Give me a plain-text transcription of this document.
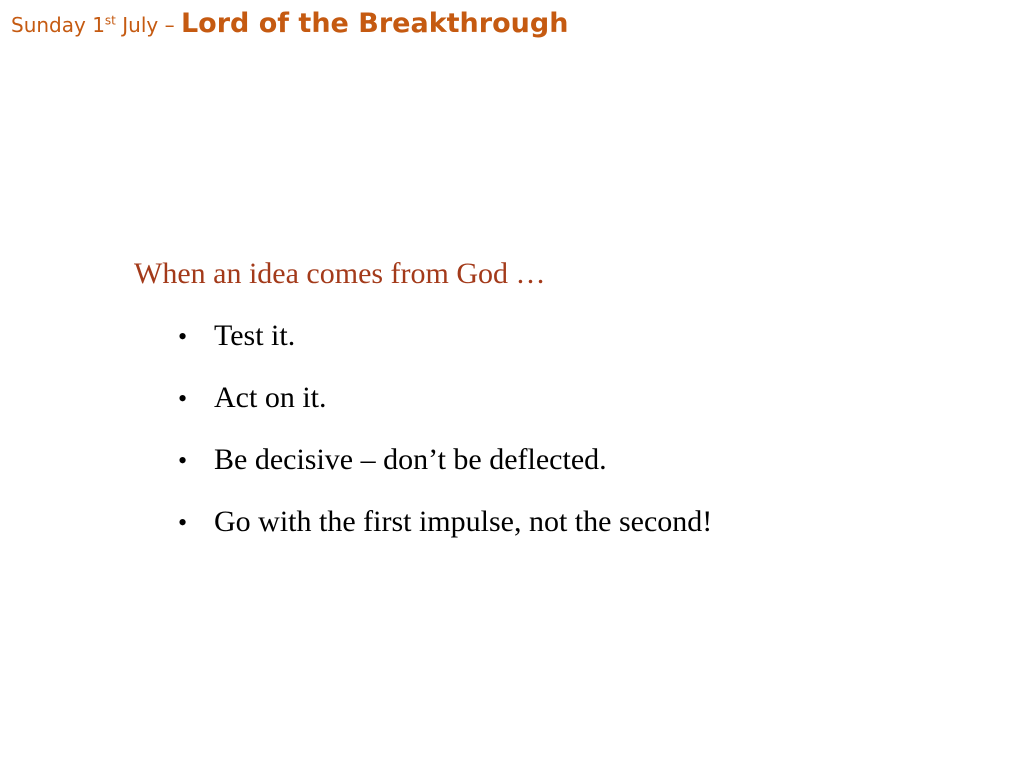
Sunday 1st July – Lord of the Breakthrough

When an idea comes from God …

• Test it.
• Act on it.
• Be decisive – don’t be deflected.
• Go with the first impulse, not the second!
